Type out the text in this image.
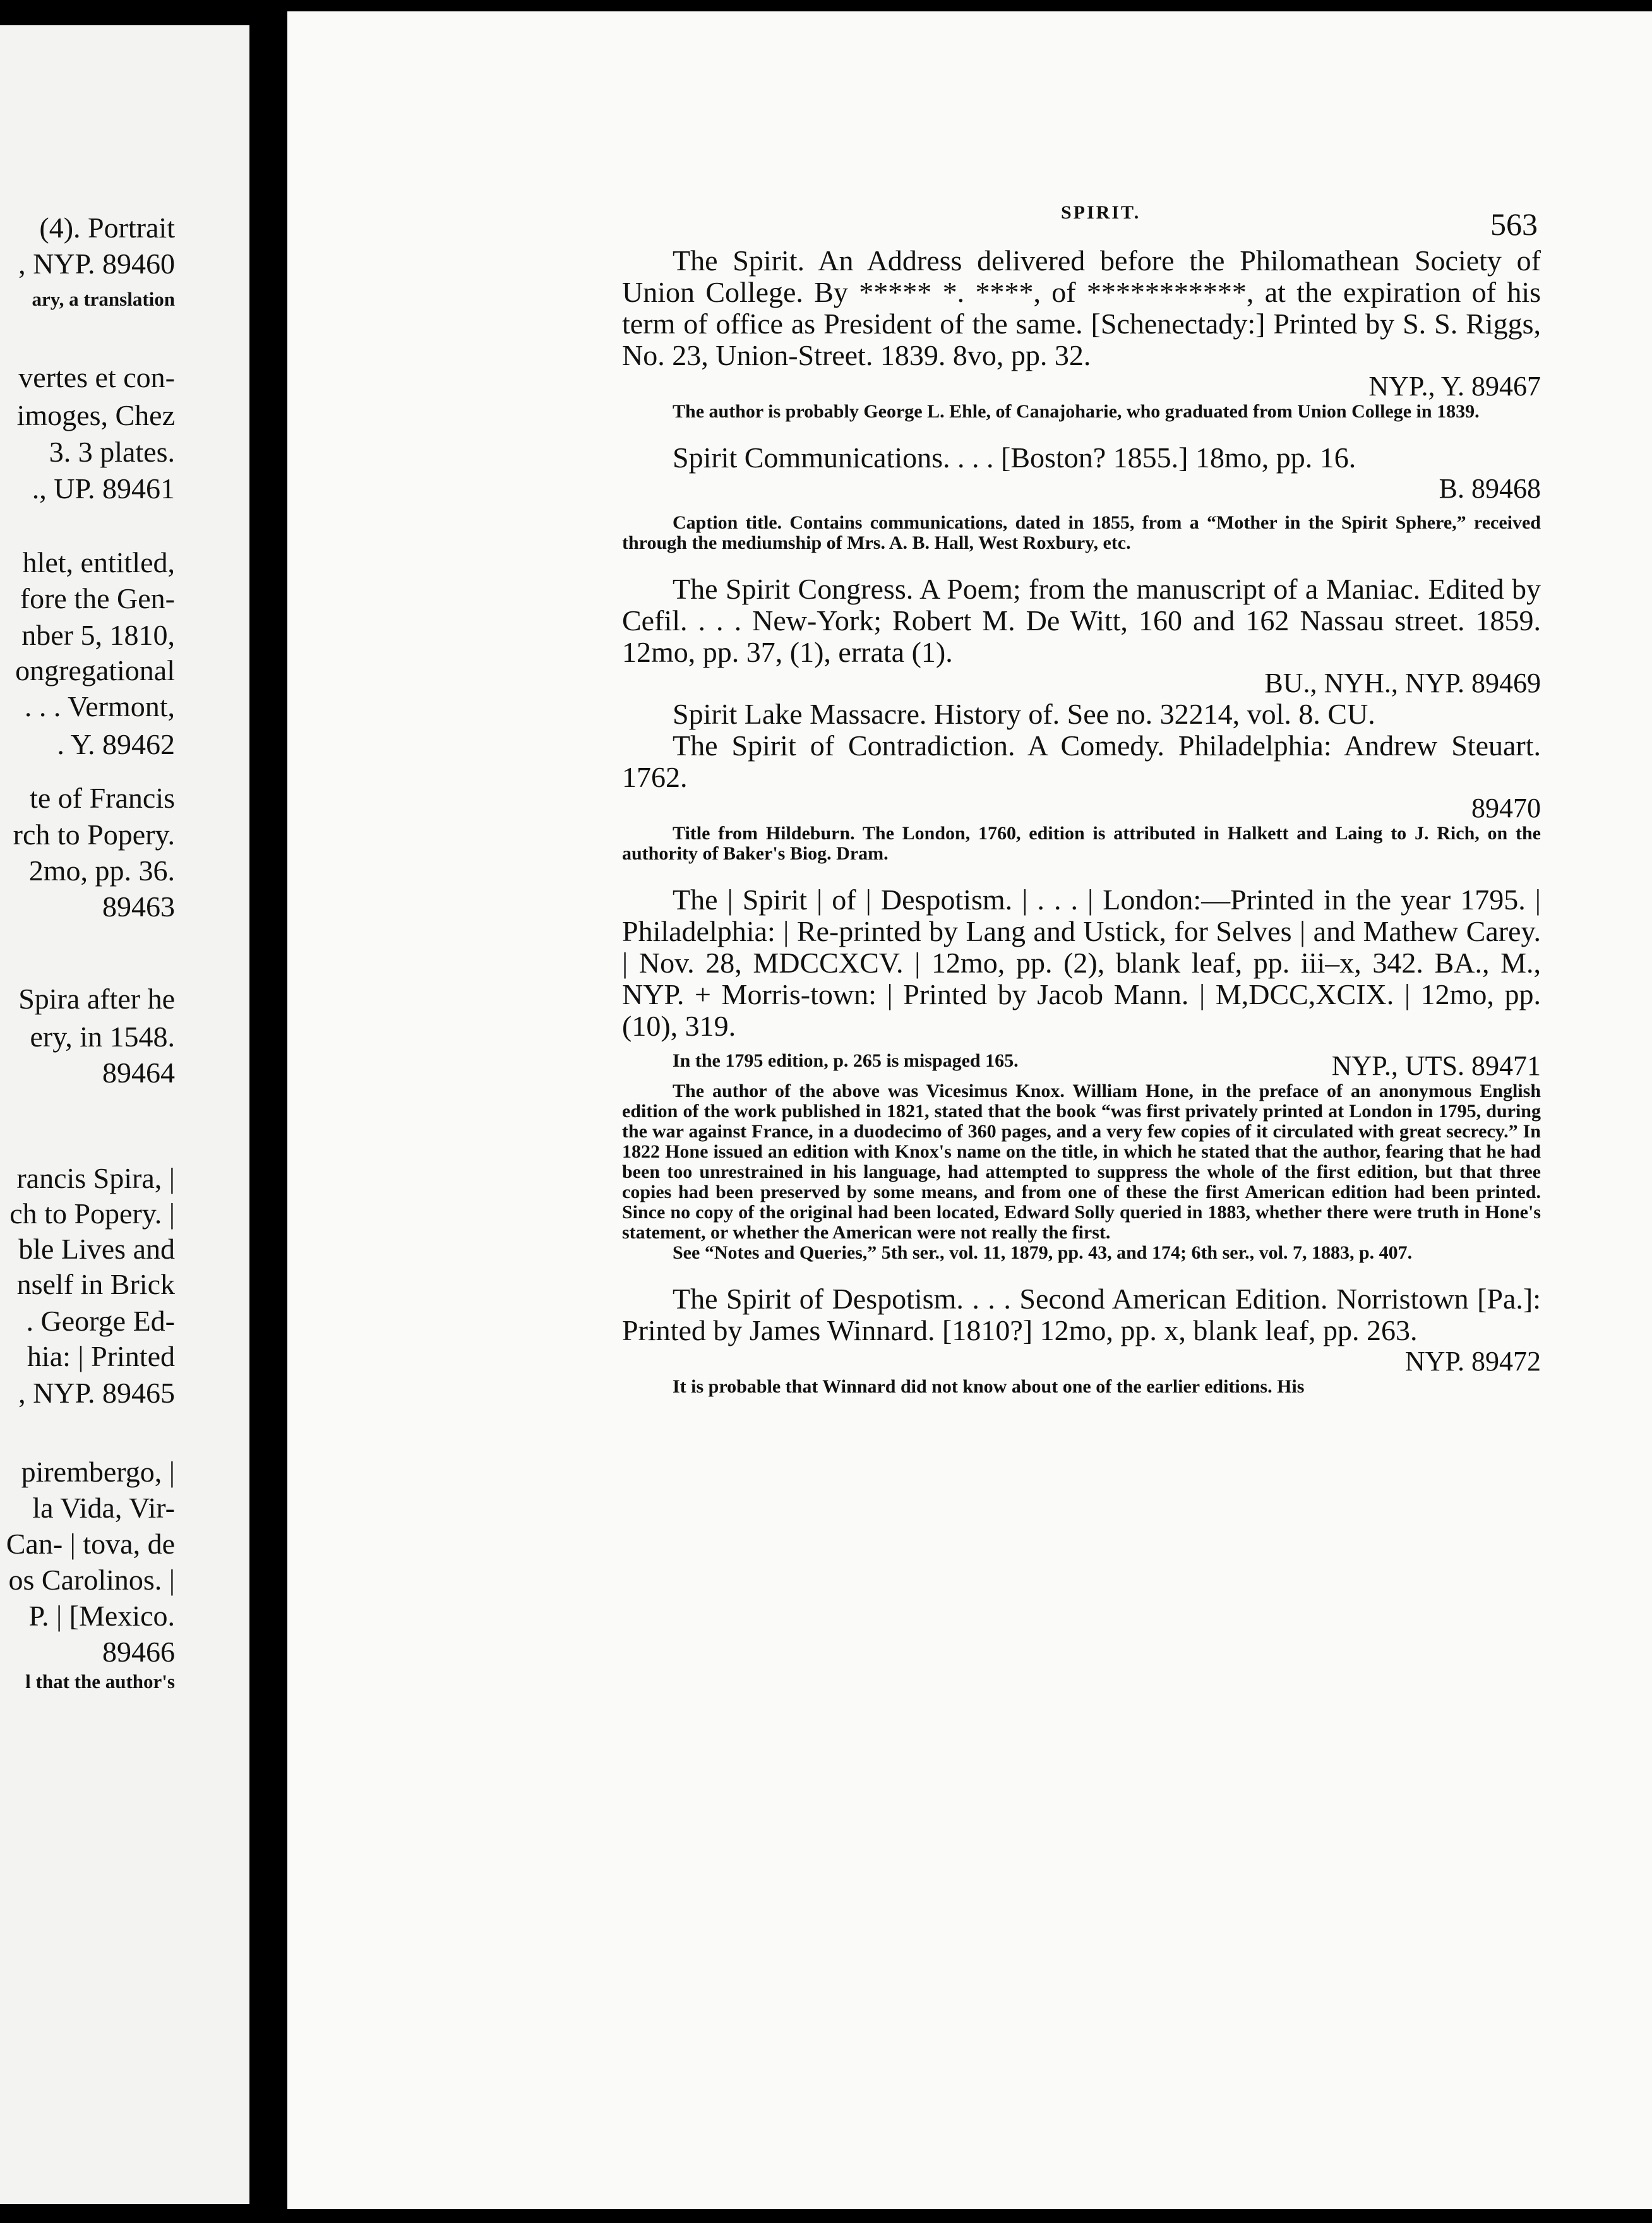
(4). Portrait
, NYP. 89460
ary, a translation
vertes et con-
imoges, Chez
3. 3 plates.
., UP. 89461
hlet, entitled,
fore the Gen-
nber 5, 1810,
ongregational
. . . Vermont,
. Y. 89462
te of Francis
rch to Popery.
2mo, pp. 36.
89463
Spira after he
ery, in 1548.
89464
rancis Spira, |
ch to Popery. |
ble Lives and
nself in Brick
. George Ed-
hia: | Printed
, NYP. 89465
pirembergo, |
la Vida, Vir-
Can- | tova, de
os Carolinos. |
P. | [Mexico.
89466
l that the author's
SPIRIT.	563

The Spirit. An Address delivered before the Philomathean Society of Union College. By ***** *. ****, of ***********, at the expiration of his term of office as President of the same. [Schenectady:] Printed by S. S. Riggs, No. 23, Union-Street. 1839. 8vo, pp. 32.

NYP., Y. 89467

The author is probably George L. Ehle, of Canajoharie, who graduated from Union College in 1839.

Spirit Communications. . . . [Boston? 1855.] 18mo, pp. 16.

B. 89468

Caption title. Contains communications, dated in 1855, from a “Mother in the Spirit Sphere,” received through the mediumship of Mrs. A. B. Hall, West Roxbury, etc.

The Spirit Congress. A Poem; from the manuscript of a Maniac. Edited by Cefil. . . . New-York; Robert M. De Witt, 160 and 162 Nassau street. 1859. 12mo, pp. 37, (1), errata (1).

BU., NYH., NYP. 89469

Spirit Lake Massacre. History of. See no. 32214, vol. 8. CU.

The Spirit of Contradiction. A Comedy. Philadelphia: Andrew Steuart. 1762.

89470

Title from Hildeburn. The London, 1760, edition is attributed in Halkett and Laing to J. Rich, on the authority of Baker's Biog. Dram.

The | Spirit | of | Despotism. | . . . | London:—Printed in the year 1795. | Philadelphia: | Re-printed by Lang and Ustick, for Selves | and Mathew Carey. | Nov. 28, MDCCXCV. | 12mo, pp. (2), blank leaf, pp. iii–x, 342. BA., M., NYP. + Morris-town: | Printed by Jacob Mann. | M,DCC,XCIX. | 12mo, pp. (10), 319.

In the 1795 edition, p. 265 is mispaged 165.	NYP., UTS. 89471

The author of the above was Vicesimus Knox. William Hone, in the preface of an anonymous English edition of the work published in 1821, stated that the book “was first privately printed at London in 1795, during the war against France, in a duodecimo of 360 pages, and a very few copies of it circulated with great secrecy.” In 1822 Hone issued an edition with Knox's name on the title, in which he stated that the author, fearing that he had been too unrestrained in his language, had attempted to suppress the whole of the first edition, but that three copies had been preserved by some means, and from one of these the first American edition had been printed. Since no copy of the original had been located, Edward Solly queried in 1883, whether there were truth in Hone's statement, or whether the American were not really the first.

See “Notes and Queries,” 5th ser., vol. 11, 1879, pp. 43, and 174; 6th ser., vol. 7, 1883, p. 407.

The Spirit of Despotism. . . . Second American Edition. Norristown [Pa.]: Printed by James Winnard. [1810?] 12mo, pp. x, blank leaf, pp. 263.

NYP. 89472

It is probable that Winnard did not know about one of the earlier editions. His
